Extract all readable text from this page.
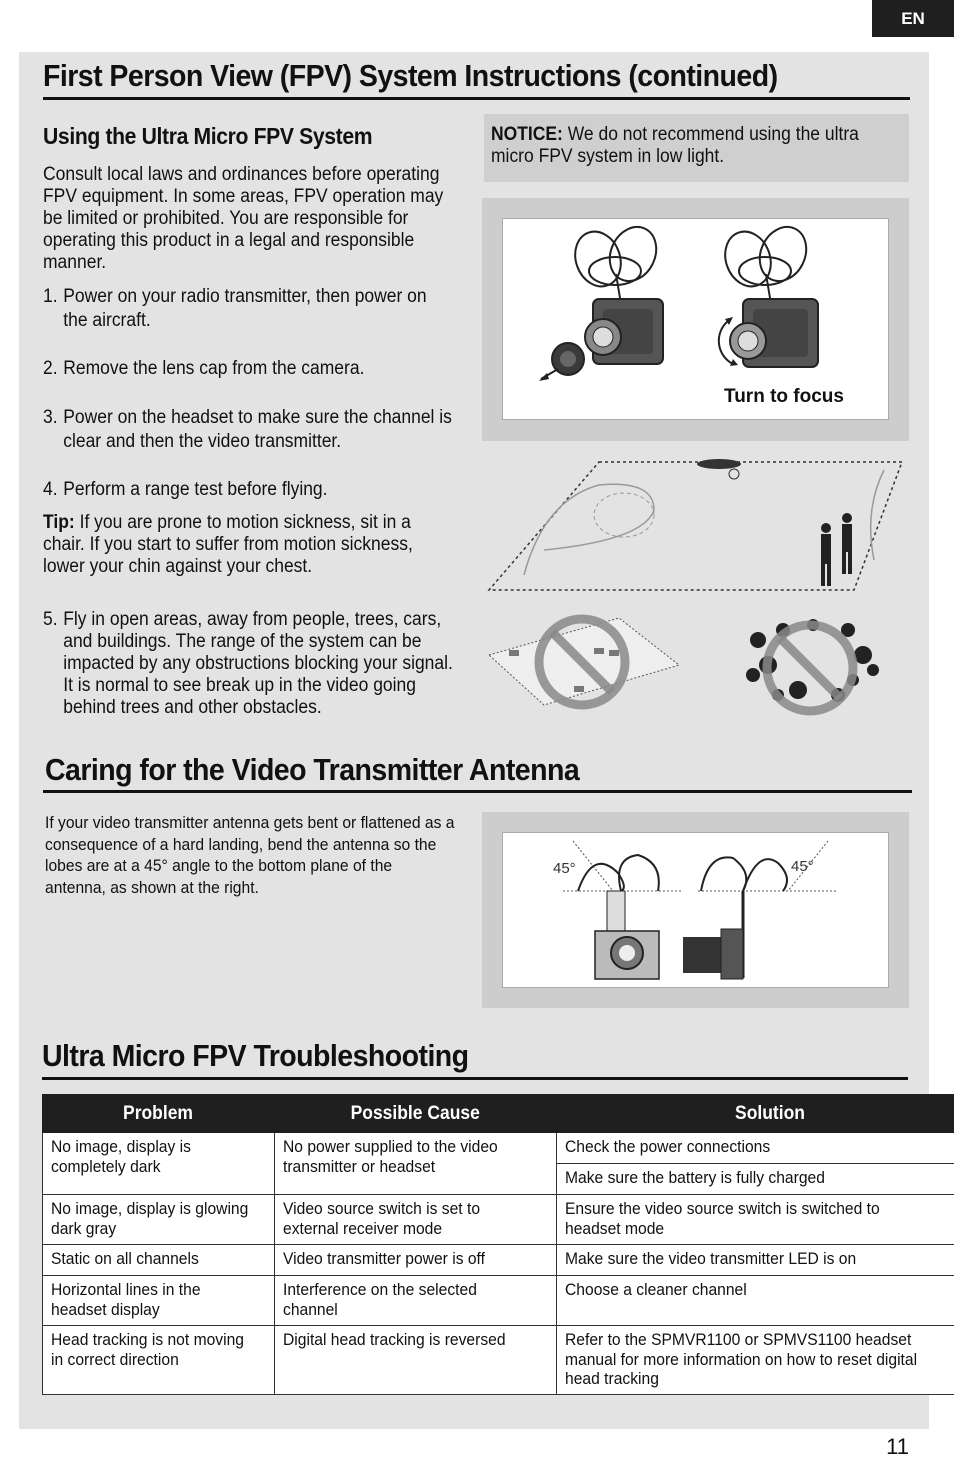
EN
First Person View (FPV) System Instructions (continued)
Using the Ultra Micro FPV System
Consult local laws and ordinances before operating FPV equipment. In some areas, FPV operation may be limited or prohibited. You are responsible for operating this product in a legal and responsible manner.
1. Power on your radio transmitter, then power on the aircraft.
2. Remove the lens cap from the camera.
3. Power on the headset to make sure the channel is clear and then the video transmitter.
4. Perform a range test before flying.
Tip: If you are prone to motion sickness, sit in a chair. If you start to suffer from motion sickness, lower your chin against your chest.
5. Fly in open areas, away from people, trees, cars, and buildings. The range of the system can be impacted by any obstructions blocking your signal. It is normal to see break up in the video going behind trees and other obstacles.
NOTICE: We do not recommend using the ultra micro FPV system in low light.
Turn to focus
Caring for the Video Transmitter Antenna
If your video transmitter antenna gets bent or flattened as a consequence of a hard landing, bend the antenna so the lobes are at a 45° angle to the bottom plane of the antenna, as shown at the right.
45°	45°
Ultra Micro FPV Troubleshooting
Problem	Possible Cause	Solution
No image, display is completely dark	No power supplied to the video transmitter or headset	Check the power connections
		Make sure the battery is fully charged
No image, display is glowing dark gray	Video source switch is set to external receiver mode	Ensure the video source switch is switched to headset mode
Static on all channels	Video transmitter power is off	Make sure the video transmitter LED is on
Horizontal lines in the headset display	Interference on the selected channel	Choose a cleaner channel
Head tracking is not moving in correct direction	Digital head tracking is reversed	Refer to the SPMVR1100 or SPMVS1100 headset manual for more information on how to reset digital head tracking
11
